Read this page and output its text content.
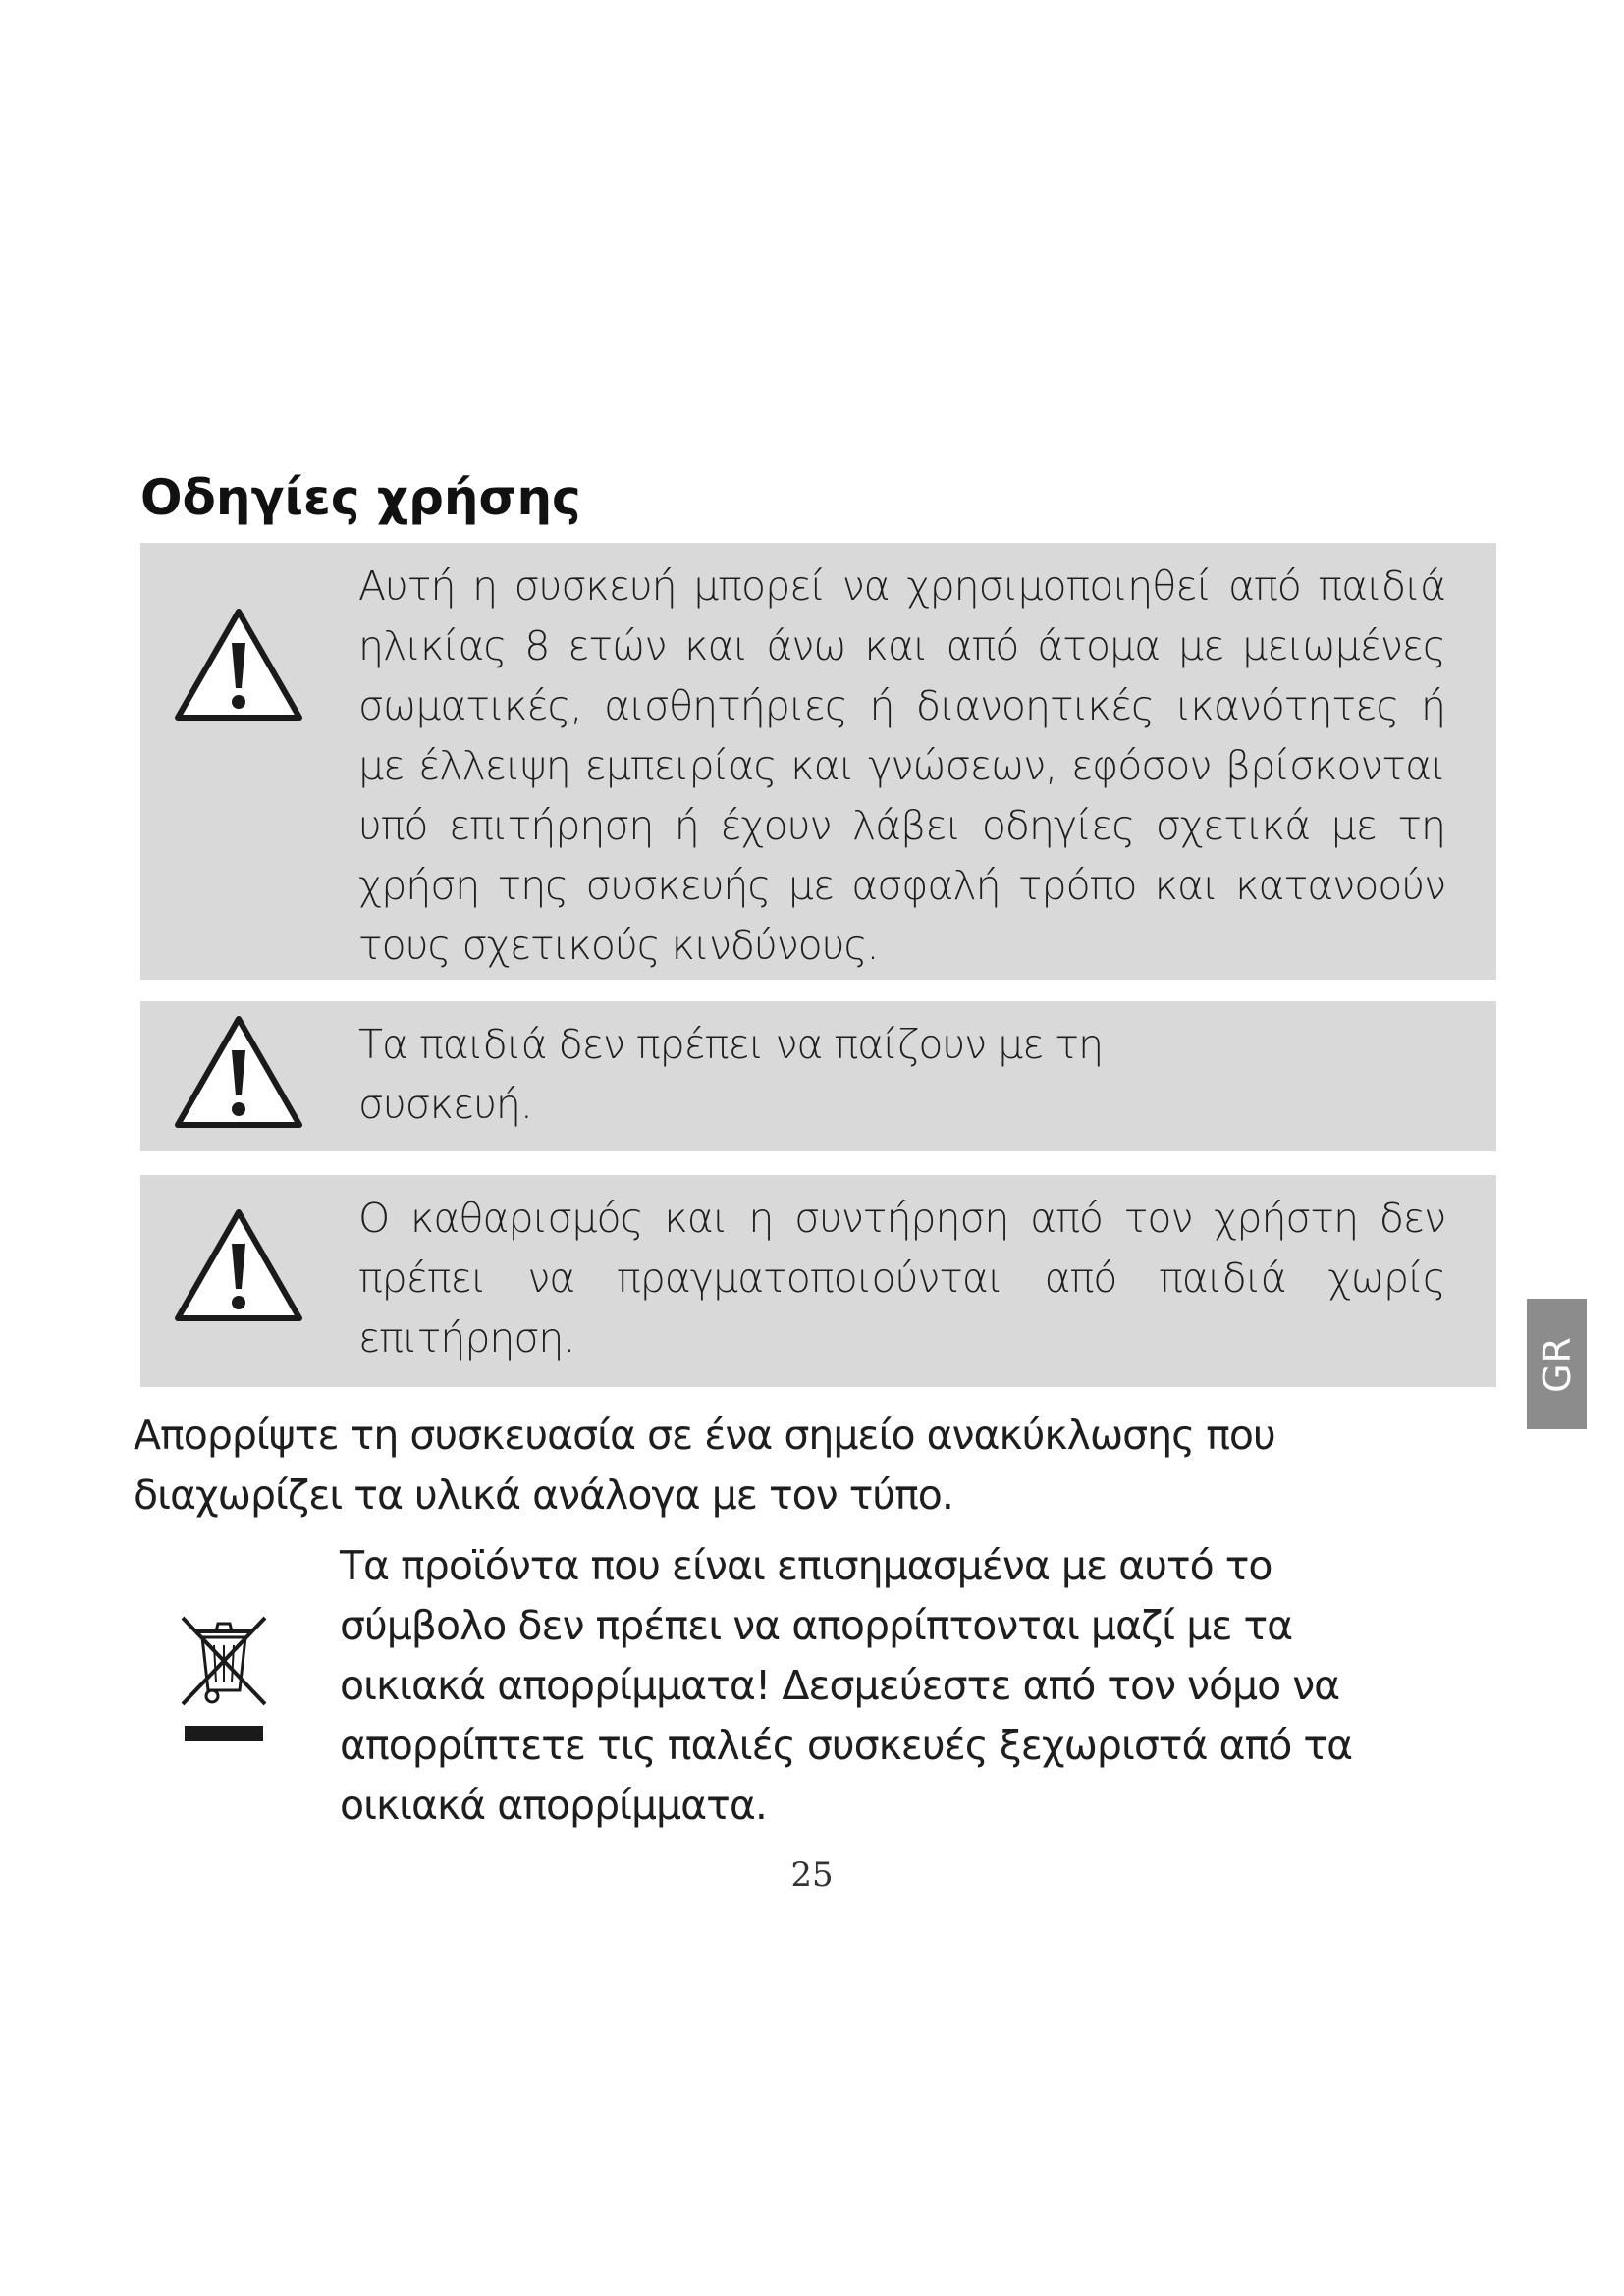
Οδηγίες χρήσης

Αυτή η συσκευή μπορεί να χρησιμοποιηθεί από παιδιά ηλικίας 8 ετών και άνω και από άτομα με μειωμένες σωματικές, αισθητήριες ή διανοητικές ικανότητες ή με έλλειψη εμπειρίας και γνώσεων, εφόσον βρίσκονται υπό επιτήρηση ή έχουν λάβει οδηγίες σχετικά με τη χρήση της συσκευής με ασφαλή τρόπο και κατανοούν τους σχετικούς κινδύνους.

Τα παιδιά δεν πρέπει να παίζουν με τη συσκευή.

Ο καθαρισμός και η συντήρηση από τον χρήστη δεν πρέπει να πραγματοποιούνται από παιδιά χωρίς επιτήρηση.

Απορρίψτε τη συσκευασία σε ένα σημείο ανακύκλωσης που διαχωρίζει τα υλικά ανάλογα με τον τύπο.

Τα προϊόντα που είναι επισημασμένα με αυτό το σύμβολο δεν πρέπει να απορρίπτονται μαζί με τα οικιακά απορρίμματα! Δεσμεύεστε από τον νόμο να απορρίπτετε τις παλιές συσκευές ξεχωριστά από τα οικιακά απορρίμματα.

25

GR
